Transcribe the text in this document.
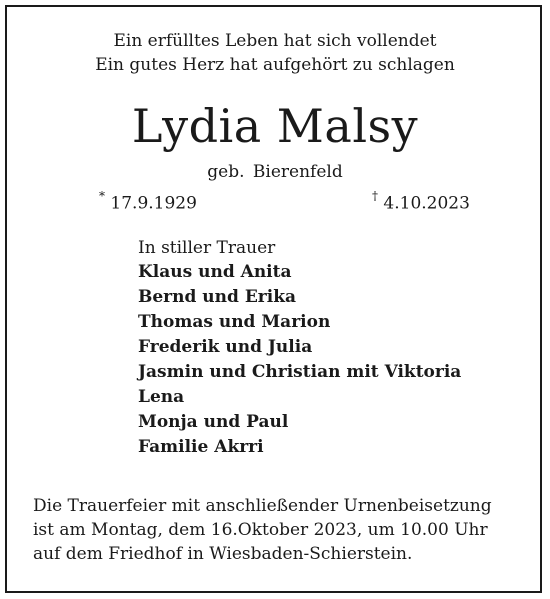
Ein erfülltes Leben hat sich vollendet
Ein gutes Herz hat aufgehört zu schlagen
Lydia Malsy
geb. Bierenfeld
* 17.9.1929	† 4.10.2023
In stiller Trauer
Klaus und Anita
Bernd und Erika
Thomas und Marion
Frederik und Julia
Jasmin und Christian mit Viktoria
Lena
Monja und Paul
Familie Akrri
Die Trauerfeier mit anschließender Urnenbeisetzung
ist am Montag, dem 16.Oktober 2023, um 10.00 Uhr
auf dem Friedhof in Wiesbaden-Schierstein.
